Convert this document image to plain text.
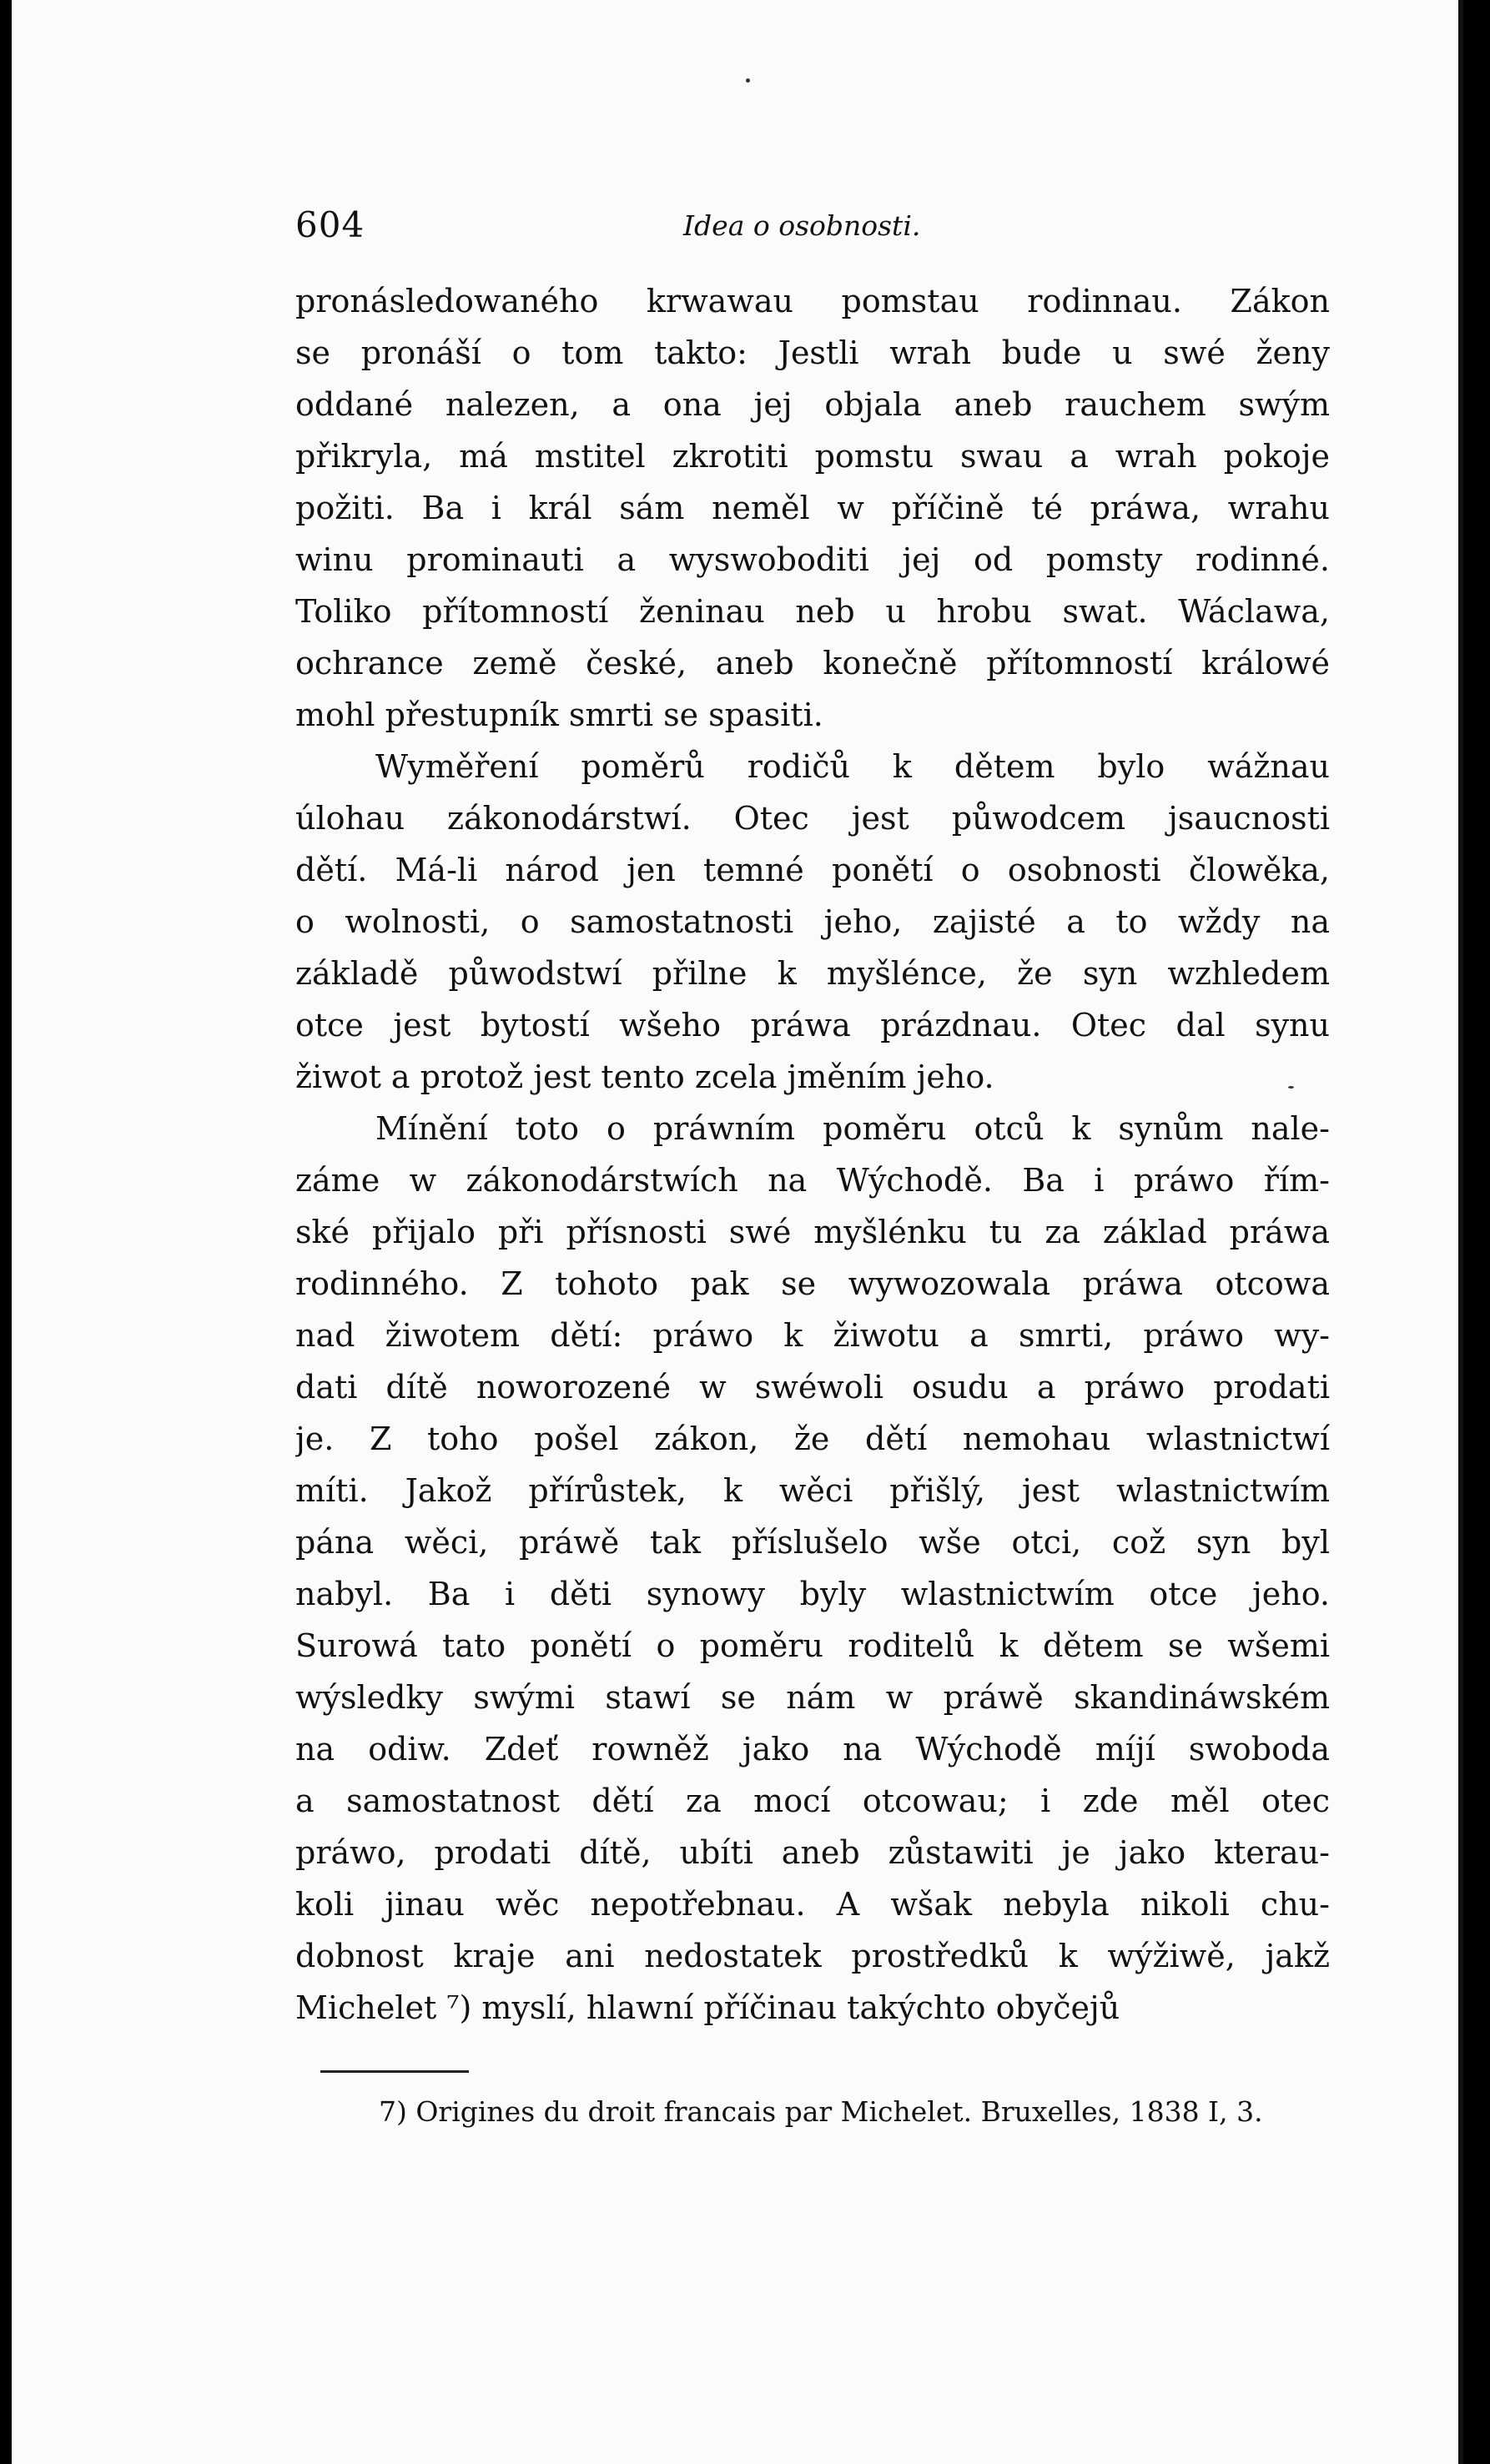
604	Idea o osobnosti.
pronásledowaného krwawau pomstau rodinnau. Zákon
se pronáší o tom takto: Jestli wrah bude u swé ženy
oddané nalezen, a ona jej objala aneb rauchem swým
přikryla, má mstitel zkrotiti pomstu swau a wrah pokoje
požiti. Ba i král sám neměl w příčině té práwa, wrahu
winu prominauti a wyswoboditi jej od pomsty rodinné.
Toliko přítomností ženinau neb u hrobu swat. Wáclawa,
ochrance země české, aneb konečně přítomností králowé
mohl přestupník smrti se spasiti.
Wyměření poměrů rodičů k dětem bylo wážnau
úlohau zákonodárstwí. Otec jest půwodcem jsaucnosti
dětí. Má-li národ jen temné ponětí o osobnosti člowěka,
o wolnosti, o samostatnosti jeho, zajisté a to wždy na
základě půwodstwí přilne k myšlénce, že syn wzhledem
otce jest bytostí wšeho práwa prázdnau. Otec dal synu
žiwot a protož jest tento zcela jměním jeho.
Mínění toto o práwním poměru otců k synům nale-
záme w zákonodárstwích na Wýchodě. Ba i práwo řím-
ské přijalo při přísnosti swé myšlénku tu za základ práwa
rodinného. Z tohoto pak se wywozowala práwa otcowa
nad žiwotem dětí: práwo k žiwotu a smrti, práwo wy-
dati dítě noworozené w swéwoli osudu a práwo prodati
je. Z toho pošel zákon, že dětí nemohau wlastnictwí
míti. Jakož přírůstek, k wěci přišlý, jest wlastnictwím
pána wěci, práwě tak příslušelo wše otci, což syn byl
nabyl. Ba i děti synowy byly wlastnictwím otce jeho.
Surowá tato ponětí o poměru roditelů k dětem se wšemi
wýsledky swými stawí se nám w práwě skandináwském
na odiw. Zdeť rowněž jako na Wýchodě míjí swoboda
a samostatnost dětí za mocí otcowau; i zde měl otec
práwo, prodati dítě, ubíti aneb zůstawiti je jako kterau-
koli jinau wěc nepotřebnau. A wšak nebyla nikoli chu-
dobnost kraje ani nedostatek prostředků k wýžiwě, jakž
Michelet ⁷) myslí, hlawní příčinau takýchto obyčejů
7) Origines du droit francais par Michelet. Bruxelles, 1838 I, 3.
